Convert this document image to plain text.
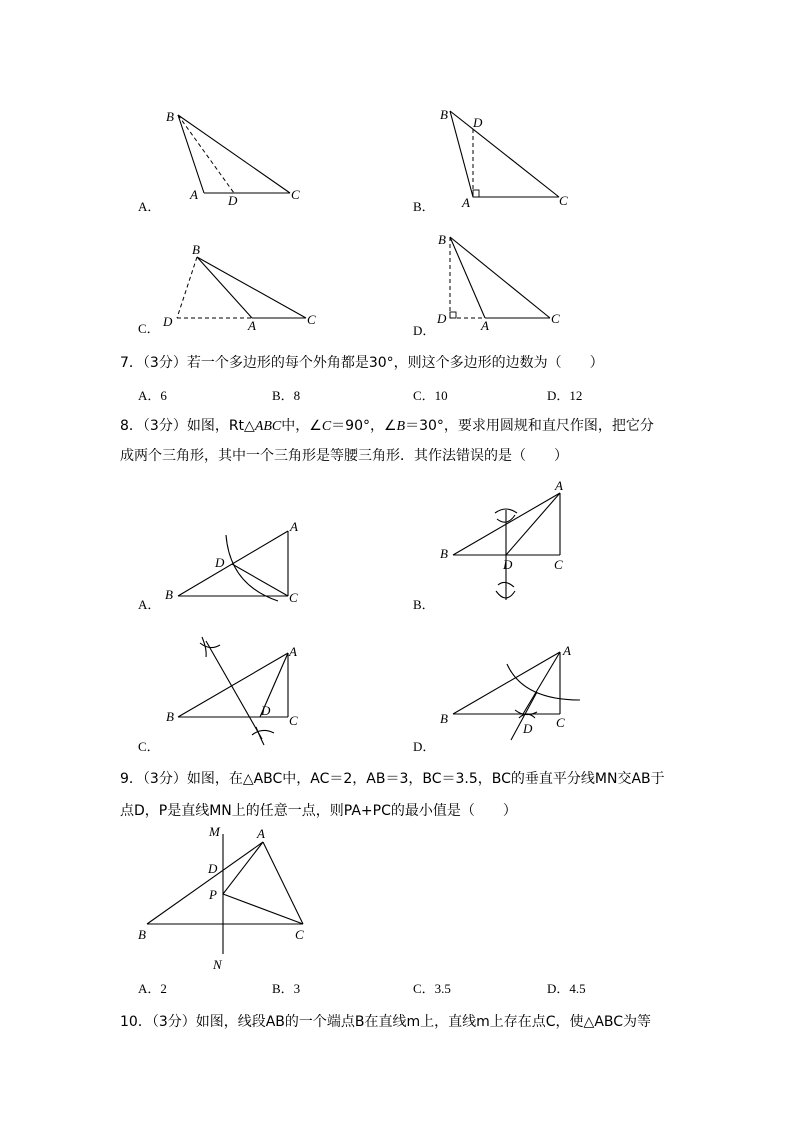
B
A D	C
A．
B
D
A	C
B．
B
D	A	C
C．
B
D	A	C
D．
7．（3分）若一个多边形的每个外角都是30°，则这个多边形的边数为（　　）
A．6	B．8	C．10	D．12
8．（3分）如图，Rt△ABC中，∠C＝90°，∠B＝30°，要求用圆规和直尺作图，把它分
成两个三角形，其中一个三角形是等腰三角形．其作法错误的是（　　）
A
D
B	C
A．
A
B
D	C
B．
A
B	D
C
C．
A
B
D C
D．
9．（3分）如图，在△ABC中，AC＝2，AB＝3，BC＝3.5，BC的垂直平分线MN交AB于
点D，P是直线MN上的任意一点，则PA+PC的最小值是（　　）
M	A
D
P
B	C
N
A．2	B．3	C．3.5	D．4.5
10．（3分）如图，线段AB的一个端点B在直线m上，直线m上存在点C，使△ABC为等
